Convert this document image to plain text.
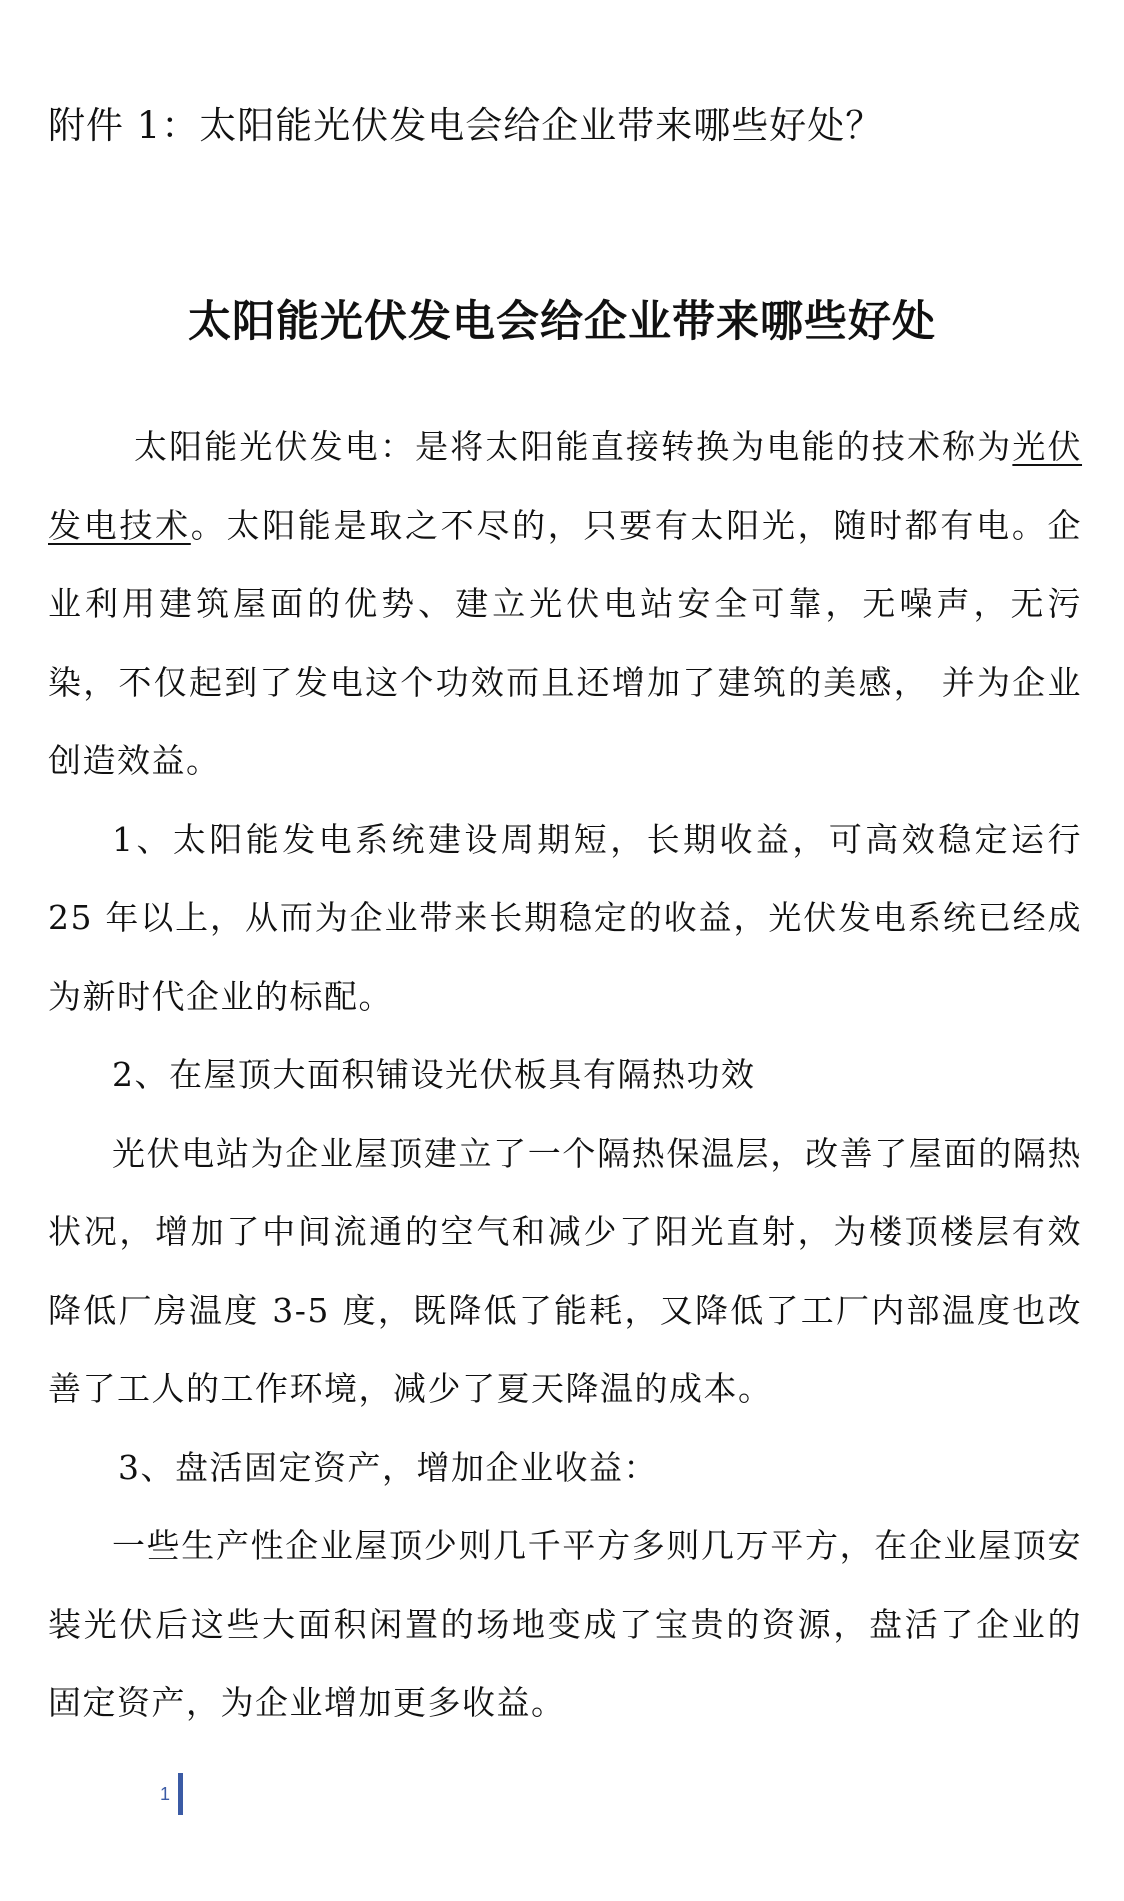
附件 1：太阳能光伏发电会给企业带来哪些好处？
太阳能光伏发电会给企业带来哪些好处

太阳能光伏发电：是将太阳能直接转换为电能的技术称为光伏发电技术。太阳能是取之不尽的，只要有太阳光，随时都有电。企业利用建筑屋面的优势、建立光伏电站安全可靠，无噪声，无污染，不仅起到了发电这个功效而且还增加了建筑的美感， 并为企业创造效益。

1、太阳能发电系统建设周期短，长期收益，可高效稳定运行 25 年以上，从而为企业带来长期稳定的收益，光伏发电系统已经成为新时代企业的标配。

2、在屋顶大面积铺设光伏板具有隔热功效

光伏电站为企业屋顶建立了一个隔热保温层，改善了屋面的隔热状况，增加了中间流通的空气和减少了阳光直射，为楼顶楼层有效降低厂房温度 3-5 度，既降低了能耗，又降低了工厂内部温度也改善了工人的工作环境，减少了夏天降温的成本。

3、盘活固定资产，增加企业收益：

一些生产性企业屋顶少则几千平方多则几万平方，在企业屋顶安装光伏后这些大面积闲置的场地变成了宝贵的资源，盘活了企业的固定资产，为企业增加更多收益。

1
